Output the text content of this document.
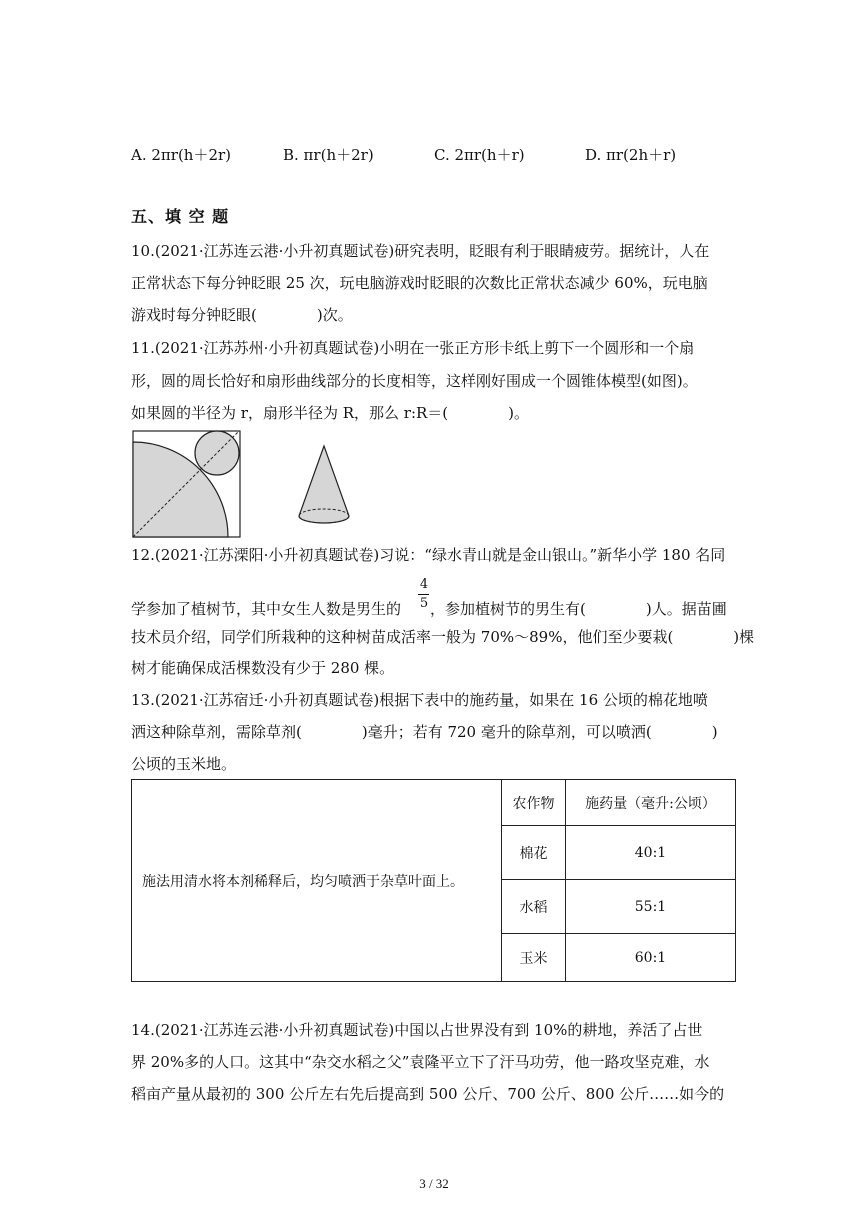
A. 2πr(h＋2r)	B. πr(h＋2r)	C. 2πr(h＋r)	D. πr(2h＋r)
五、填 空 题
10.(2021·江苏连云港·小升初真题试卷)研究表明，眨眼有利于眼睛疲劳。据统计，人在
正常状态下每分钟眨眼 25 次，玩电脑游戏时眨眼的次数比正常状态减少 60%，玩电脑
游戏时每分钟眨眼(　　　　)次。
11.(2021·江苏苏州·小升初真题试卷)小明在一张正方形卡纸上剪下一个圆形和一个扇
形，圆的周长恰好和扇形曲线部分的长度相等，这样刚好围成一个圆锥体模型(如图)。
如果圆的半径为 r，扇形半径为 R，那么 r:R＝(　　　　)。
12.(2021·江苏溧阳·小升初真题试卷)习说：“绿水青山就是金山银山。”新华小学 180 名同
4
5
学参加了植树节，其中女生人数是男生的 ，参加植树节的男生有(　　　　)人。据苗圃
技术员介绍，同学们所栽种的这种树苗成活率一般为 70%～89%，他们至少要栽(　　　　)棵
树才能确保成活棵数没有少于 280 棵。
13.(2021·江苏宿迁·小升初真题试卷)根据下表中的施药量，如果在 16 公顷的棉花地喷
洒这种除草剂，需除草剂(　　　　)毫升；若有 720 毫升的除草剂，可以喷洒(　　　　)
公顷的玉米地。
施法用清水将本剂稀释后，均匀喷洒于杂草叶面上。	农作物	施药量（毫升:公顷）
	棉花	40:1
	水稻	55:1
	玉米	60:1
14.(2021·江苏连云港·小升初真题试卷)中国以占世界没有到 10%的耕地，养活了占世
界 20%多的人口。这其中“杂交水稻之父”袁隆平立下了汗马功劳，他一路攻坚克难，水
稻亩产量从最初的 300 公斤左右先后提高到 500 公斤、700 公斤、800 公斤……如今的
3 / 32
